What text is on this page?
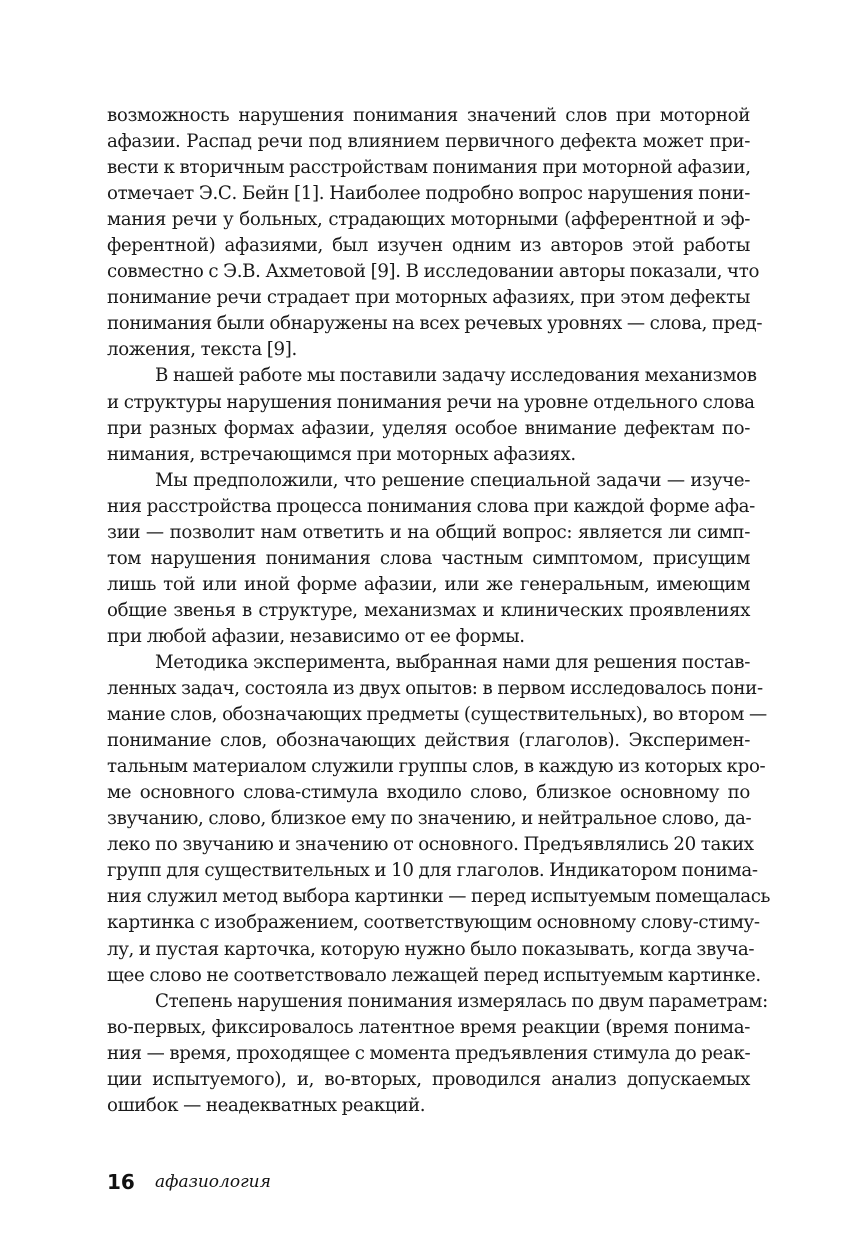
возможность нарушения понимания значений слов при моторной
афазии. Распад речи под влиянием первичного дефекта может при-
вести к вторичным расстройствам понимания при моторной афазии,
отмечает Э.С. Бейн [1]. Наиболее подробно вопрос нарушения пони-
мания речи у больных, страдающих моторными (афферентной и эф-
ферентной) афазиями, был изучен одним из авторов этой работы
совместно с Э.В. Ахметовой [9]. В исследовании авторы показали, что
понимание речи страдает при моторных афазиях, при этом дефекты
понимания были обнаружены на всех речевых уровнях — слова, пред-
ложения, текста [9].
В нашей работе мы поставили задачу исследования механизмов
и структуры нарушения понимания речи на уровне отдельного слова
при разных формах афазии, уделяя особое внимание дефектам по-
нимания, встречающимся при моторных афазиях.
Мы предположили, что решение специальной задачи — изуче-
ния расстройства процесса понимания слова при каждой форме афа-
зии — позволит нам ответить и на общий вопрос: является ли симп-
том нарушения понимания слова частным симптомом, присущим
лишь той или иной форме афазии, или же генеральным, имеющим
общие звенья в структуре, механизмах и клинических проявлениях
при любой афазии, независимо от ее формы.
Методика эксперимента, выбранная нами для решения постав-
ленных задач, состояла из двух опытов: в первом исследовалось пони-
мание слов, обозначающих предметы (существительных), во втором —
понимание слов, обозначающих действия (глаголов). Эксперимен-
тальным материалом служили группы слов, в каждую из которых кро-
ме основного слова-стимула входило слово, близкое основному по
звучанию, слово, близкое ему по значению, и нейтральное слово, да-
леко по звучанию и значению от основного. Предъявлялись 20 таких
групп для существительных и 10 для глаголов. Индикатором понима-
ния служил метод выбора картинки — перед испытуемым помещалась
картинка с изображением, соответствующим основному слову-стиму-
лу, и пустая карточка, которую нужно было показывать, когда звуча-
щее слово не соответствовало лежащей перед испытуемым картинке.
Степень нарушения понимания измерялась по двум параметрам:
во-первых, фиксировалось латентное время реакции (время понима-
ния — время, проходящее с момента предъявления стимула до реак-
ции испытуемого), и, во-вторых, проводился анализ допускаемых
ошибок — неадекватных реакций.
16 афазиология
